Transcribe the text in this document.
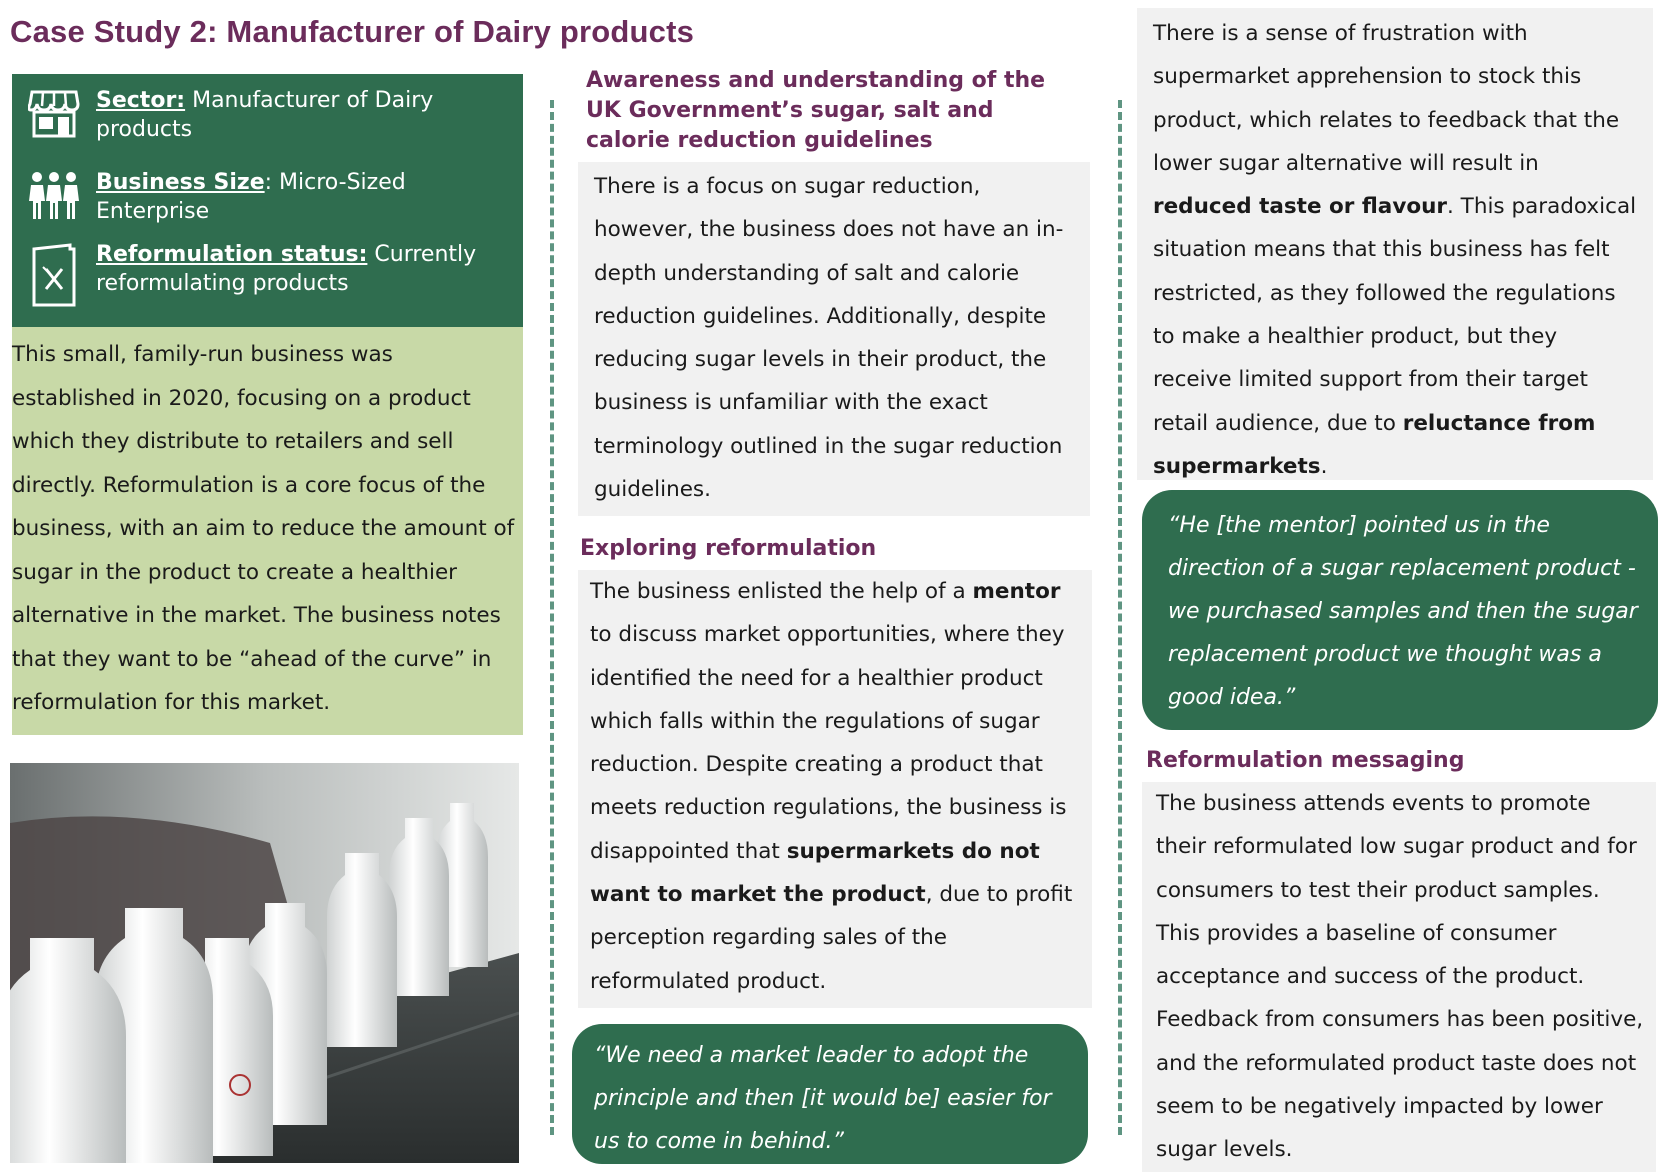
Case Study 2: Manufacturer of Dairy products
Sector: Manufacturer of Dairy products
Business Size: Micro-Sized Enterprise
Reformulation status: Currently reformulating products
This small, family-run business was established in 2020, focusing on a product which they distribute to retailers and sell directly. Reformulation is a core focus of the business, with an aim to reduce the amount of sugar in the product to create a healthier alternative in the market. The business notes that they want to be “ahead of the curve” in reformulation for this market.
Awareness and understanding of the UK Government’s sugar, salt and calorie reduction guidelines
There is a focus on sugar reduction, however, the business does not have an in-depth understanding of salt and calorie reduction guidelines. Additionally, despite reducing sugar levels in their product, the business is unfamiliar with the exact terminology outlined in the sugar reduction guidelines.
Exploring reformulation
The business enlisted the help of a mentor to discuss market opportunities, where they identified the need for a healthier product which falls within the regulations of sugar reduction. Despite creating a product that meets reduction regulations, the business is disappointed that supermarkets do not want to market the product, due to profit perception regarding sales of the reformulated product.
“We need a market leader to adopt the principle and then [it would be] easier for us to come in behind.”
There is a sense of frustration with supermarket apprehension to stock this product, which relates to feedback that the lower sugar alternative will result in reduced taste or flavour. This paradoxical situation means that this business has felt restricted, as they followed the regulations to make a healthier product, but they receive limited support from their target retail audience, due to reluctance from supermarkets.
“He [the mentor] pointed us in the direction of a sugar replacement product - we purchased samples and then the sugar replacement product we thought was a good idea.”
Reformulation messaging
The business attends events to promote their reformulated low sugar product and for consumers to test their product samples. This provides a baseline of consumer acceptance and success of the product. Feedback from consumers has been positive, and the reformulated product taste does not seem to be negatively impacted by lower sugar levels.
